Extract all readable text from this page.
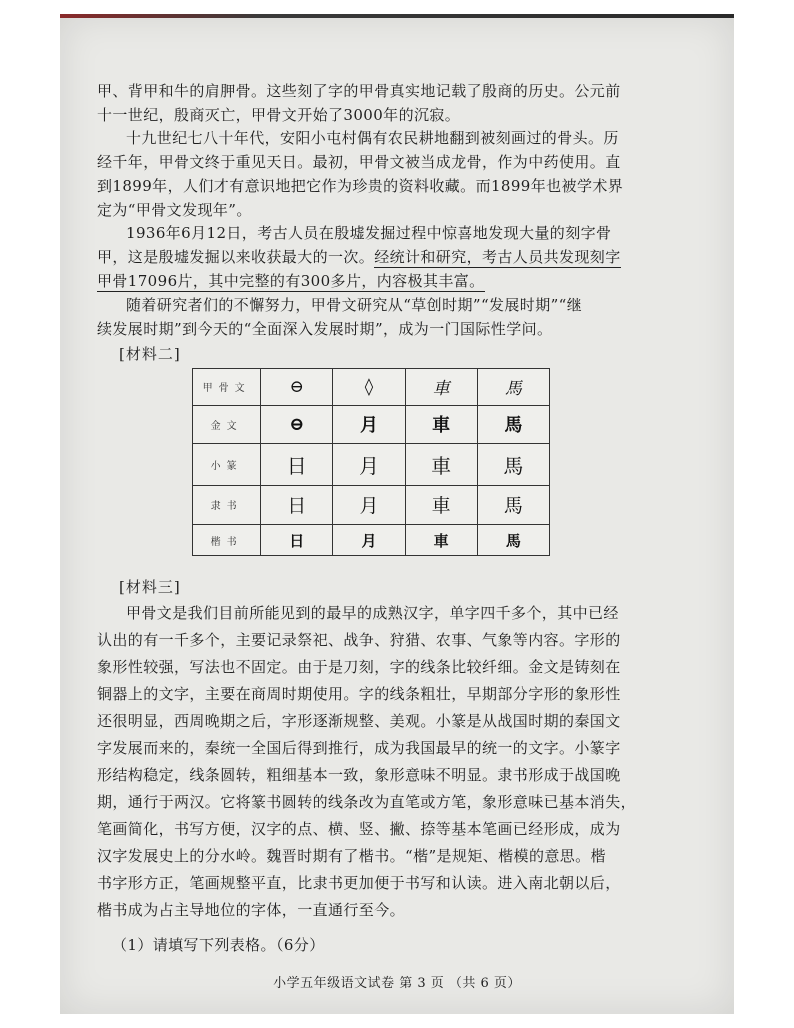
甲、背甲和牛的肩胛骨。这些刻了字的甲骨真实地记载了殷商的历史。公元前
十一世纪，殷商灭亡，甲骨文开始了3000年的沉寂。
十九世纪七八十年代，安阳小屯村偶有农民耕地翻到被刻画过的骨头。历
经千年，甲骨文终于重见天日。最初，甲骨文被当成龙骨，作为中药使用。直
到1899年，人们才有意识地把它作为珍贵的资料收藏。而1899年也被学术界
定为“甲骨文发现年”。
1936年6月12日，考古人员在殷墟发掘过程中惊喜地发现大量的刻字骨
甲，这是殷墟发掘以来收获最大的一次。经统计和研究，考古人员共发现刻字
甲骨17096片，其中完整的有300多片，内容极其丰富。
随着研究者们的不懈努力，甲骨文研究从“草创时期”“发展时期”“继
续发展时期”到今天的“全面深入发展时期”，成为一门国际性学问。
[材料二]
甲骨文	⊖	◊	車	馬
金文	⊖	月	車	馬
小篆	日	月	車	馬
隶书	日	月	車	馬
楷书	日	月	車	馬
[材料三]
甲骨文是我们目前所能见到的最早的成熟汉字，单字四千多个，其中已经
认出的有一千多个，主要记录祭祀、战争、狩猎、农事、气象等内容。字形的
象形性较强，写法也不固定。由于是刀刻，字的线条比较纤细。金文是铸刻在
铜器上的文字，主要在商周时期使用。字的线条粗壮，早期部分字形的象形性
还很明显，西周晚期之后，字形逐渐规整、美观。小篆是从战国时期的秦国文
字发展而来的，秦统一全国后得到推行，成为我国最早的统一的文字。小篆字
形结构稳定，线条圆转，粗细基本一致，象形意味不明显。隶书形成于战国晚
期，通行于两汉。它将篆书圆转的线条改为直笔或方笔，象形意味已基本消失，
笔画简化，书写方便，汉字的点、横、竖、撇、捺等基本笔画已经形成，成为
汉字发展史上的分水岭。魏晋时期有了楷书。“楷”是规矩、楷模的意思。楷
书字形方正，笔画规整平直，比隶书更加便于书写和认读。进入南北朝以后，
楷书成为占主导地位的字体，一直通行至今。
（1）请填写下列表格。（6分）
小学五年级语文试卷 第 3 页 （共 6 页）
